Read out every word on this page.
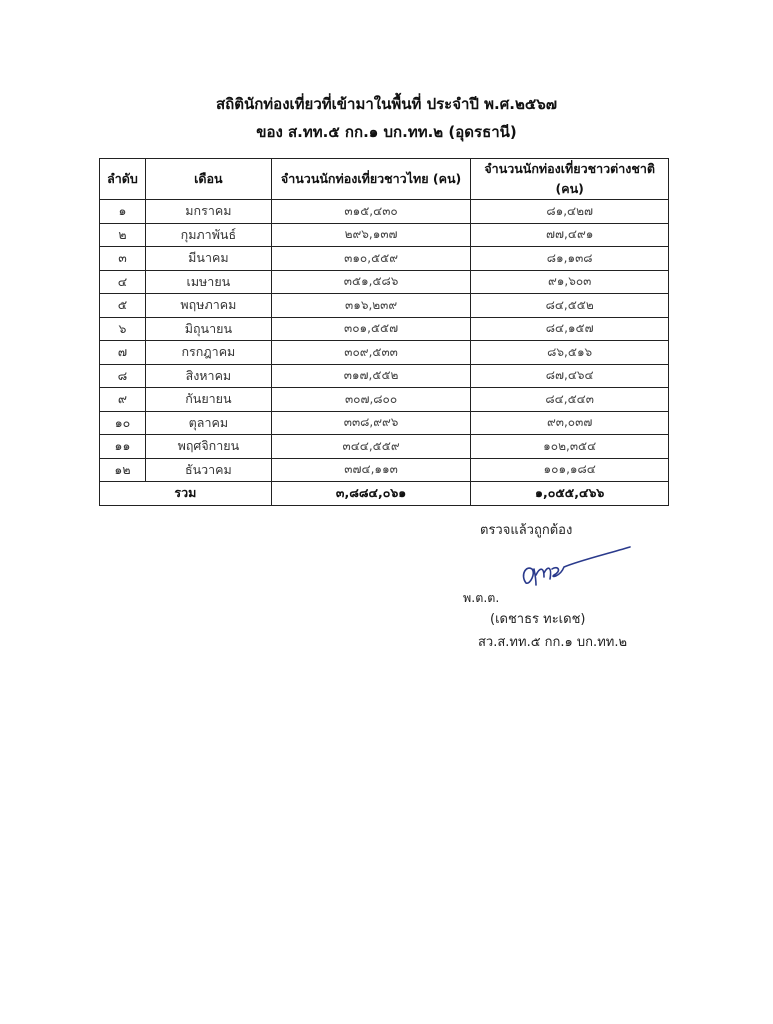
สถิตินักท่องเที่ยวที่เข้ามาในพื้นที่ ประจำปี พ.ศ.๒๕๖๗
ของ ส.ทท.๕ กก.๑ บก.ทท.๒ (อุดรธานี)
ลำดับ	เดือน	จำนวนนักท่องเที่ยวชาวไทย (คน)	จำนวนนักท่องเที่ยวชาวต่างชาติ (คน)
๑	มกราคม	๓๑๕,๔๓๐	๘๑,๔๒๗
๒	กุมภาพันธ์	๒๙๖,๑๓๗	๗๗,๔๙๑
๓	มีนาคม	๓๑๐,๕๕๙	๘๑,๑๓๘
๔	เมษายน	๓๕๑,๕๘๖	๙๑,๖๐๓
๕	พฤษภาคม	๓๑๖,๒๓๙	๘๔,๕๕๒
๖	มิถุนายน	๓๐๑,๕๕๗	๘๔,๑๕๗
๗	กรกฎาคม	๓๐๙,๕๓๓	๘๖,๕๑๖
๘	สิงหาคม	๓๑๗,๕๕๒	๘๗,๔๖๔
๙	กันยายน	๓๐๗,๘๐๐	๘๔,๕๔๓
๑๐	ตุลาคม	๓๓๘,๙๙๖	๙๓,๐๓๗
๑๑	พฤศจิกายน	๓๔๔,๕๕๙	๑๐๒,๓๕๔
๑๒	ธันวาคม	๓๗๔,๑๑๓	๑๐๑,๑๘๔
รวม		๓,๘๘๔,๐๖๑	๑,๐๕๕,๔๖๖
ตรวจแล้วถูกต้อง
พ.ต.ต.
(เดชาธร ทะเดช)
สว.ส.ทท.๕ กก.๑ บก.ทท.๒
